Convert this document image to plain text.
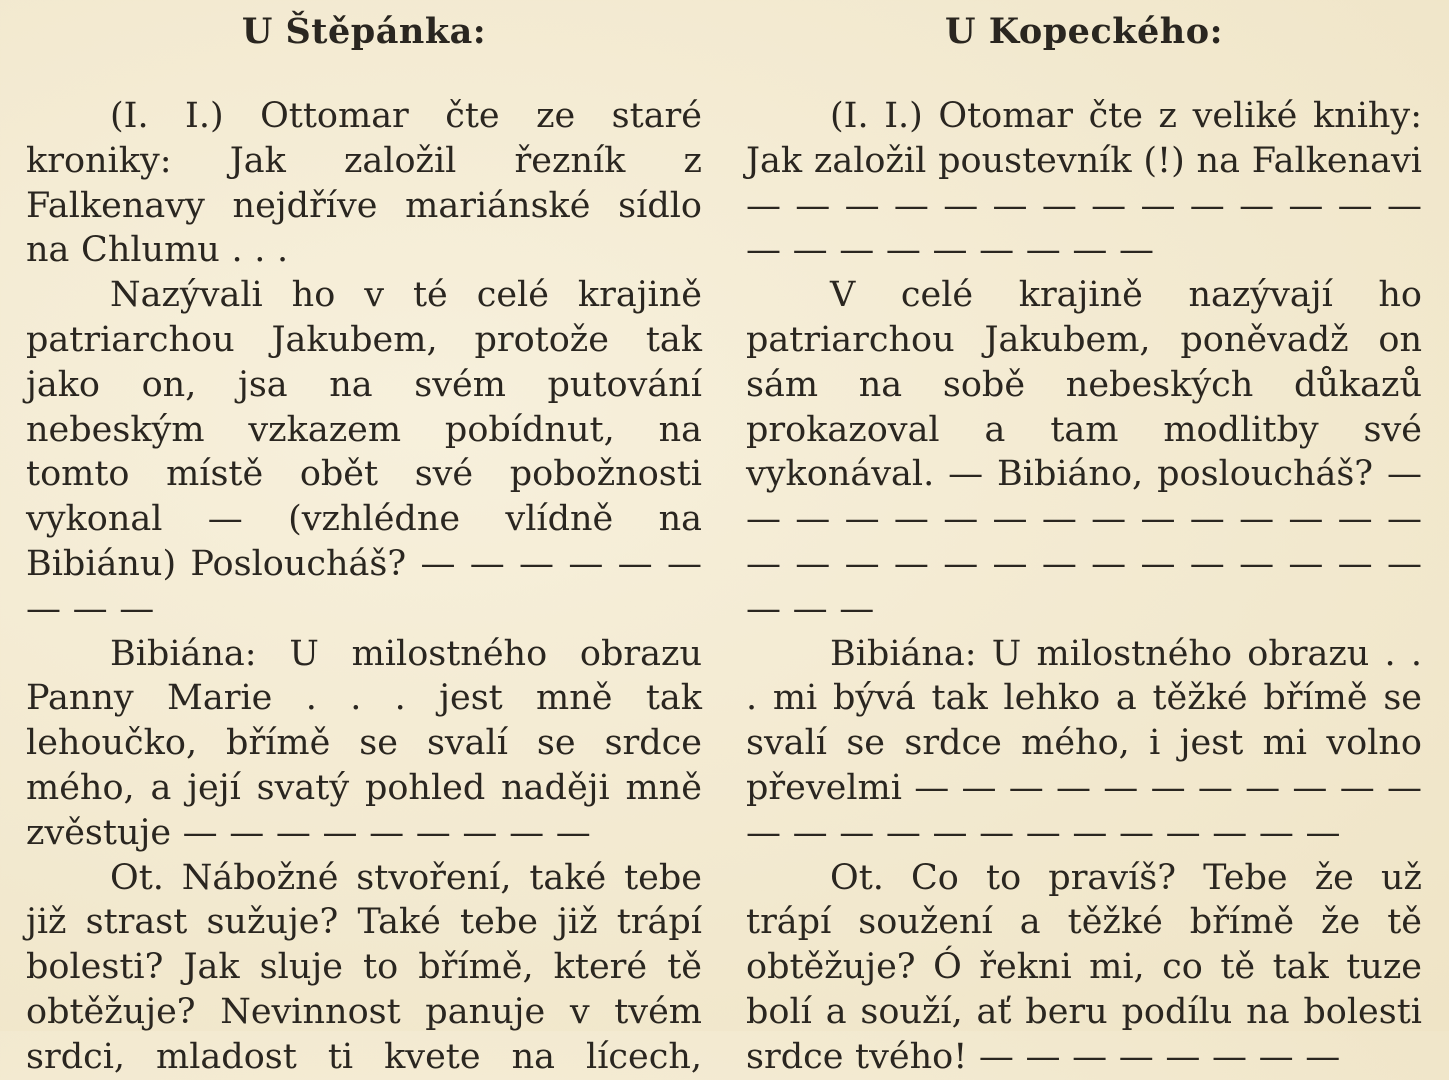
U Štěpánka:

(I. I.) Ottomar čte ze staré kroniky: Jak založil řezník z Falkenavy nejdříve mariánské sídlo na Chlumu . . .

Nazývali ho v té celé krajině patriarchou Jakubem, protože tak jako on, jsa na svém putování nebeským vzkazem pobídnut, na tomto místě obět své pobožnosti vykonal — (vzhlédne vlídně na Bibiánu) Posloucháš? — — — — — — — — —

Bibiána: U milostného obrazu Panny Marie . . . jest mně tak lehoučko, břímě se svalí se srdce mého, a její svatý pohled naději mně zvěstuje — — — — — — — — —

Ot. Nábožné stvoření, také tebe již strast sužuje? Také tebe již trápí bolesti? Jak sluje to břímě, které tě obtěžuje? Nevinnost panuje v tvém srdci, mladost ti kvete na lícech,

U Kopeckého:

(I. I.) Otomar čte z veliké knihy: Jak založil poustevník (!) na Falkenavi — — — — — — — — — — — — — — — — — — — — — — —

V celé krajině nazývají ho patriarchou Jakubem, poněvadž on sám na sobě nebeských důkazů prokazoval a tam modlitby své vykonával. — Bibiáno, posloucháš? — — — — — — — — — — — — — — — — — — — — — — — — — — — — — — — —

Bibiána: U milostného obrazu . . . mi bývá tak lehko a těžké břímě se svalí se srdce mého, i jest mi volno převelmi — — — — — — — — — — — — — — — — — — — — — — — —

Ot. Co to pravíš? Tebe že už trápí soužení a těžké břímě že tě obtěžuje? Ó řekni mi, co tě tak tuze bolí a souží, ať beru podílu na bolesti srdce tvého! — — — — — — — —
